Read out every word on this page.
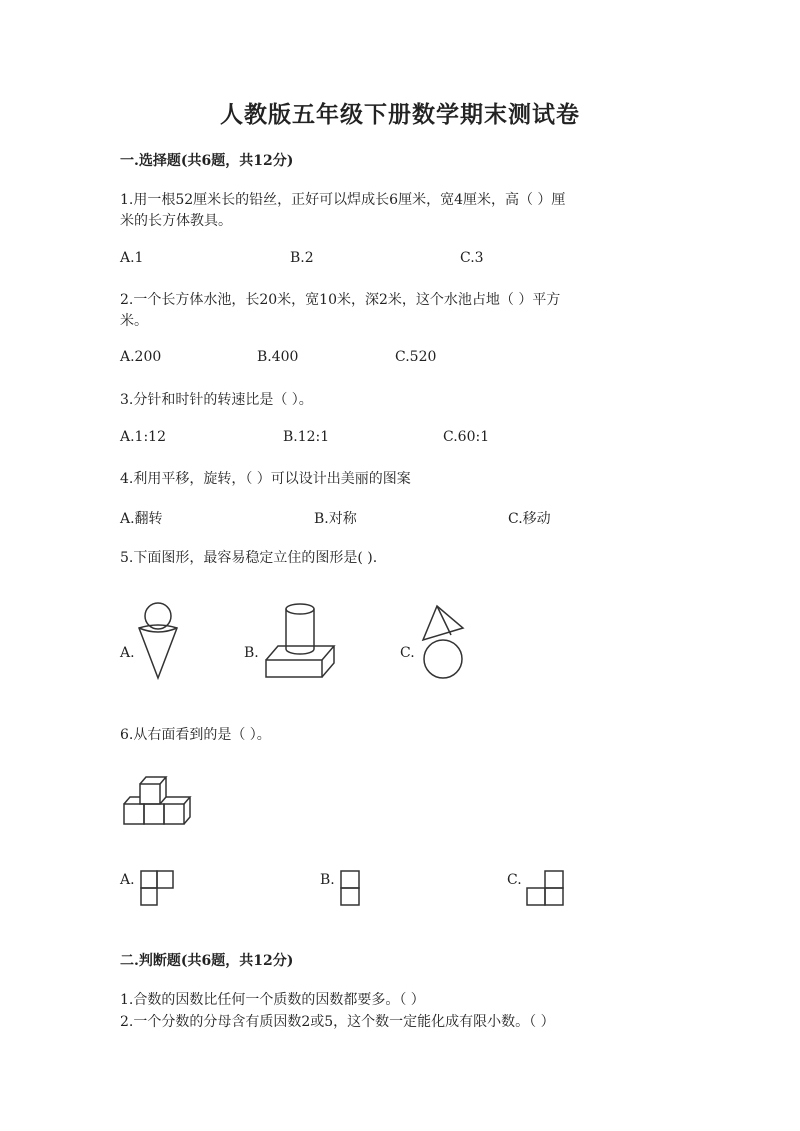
人教版五年级下册数学期末测试卷
一.选择题(共6题，共12分)
1.用一根52厘米长的铅丝，正好可以焊成长6厘米，宽4厘米，高（ ）厘
米的长方体教具。
A.1	B.2	C.3
2.一个长方体水池，长20米，宽10米，深2米，这个水池占地（ ）平方
米。
A.200	B.400	C.520
3.分针和时针的转速比是（ ）。
A.1:12	B.12:1	C.60:1
4.利用平移，旋转，（ ）可以设计出美丽的图案
A.翻转	B.对称	C.移动
5.下面图形，最容易稳定立住的图形是( ).
A.	B.	C.
6.从右面看到的是（ ）。
A.	B.	C.
二.判断题(共6题，共12分)
1.合数的因数比任何一个质数的因数都要多。（ ）
2.一个分数的分母含有质因数2或5，这个数一定能化成有限小数。（ ）
